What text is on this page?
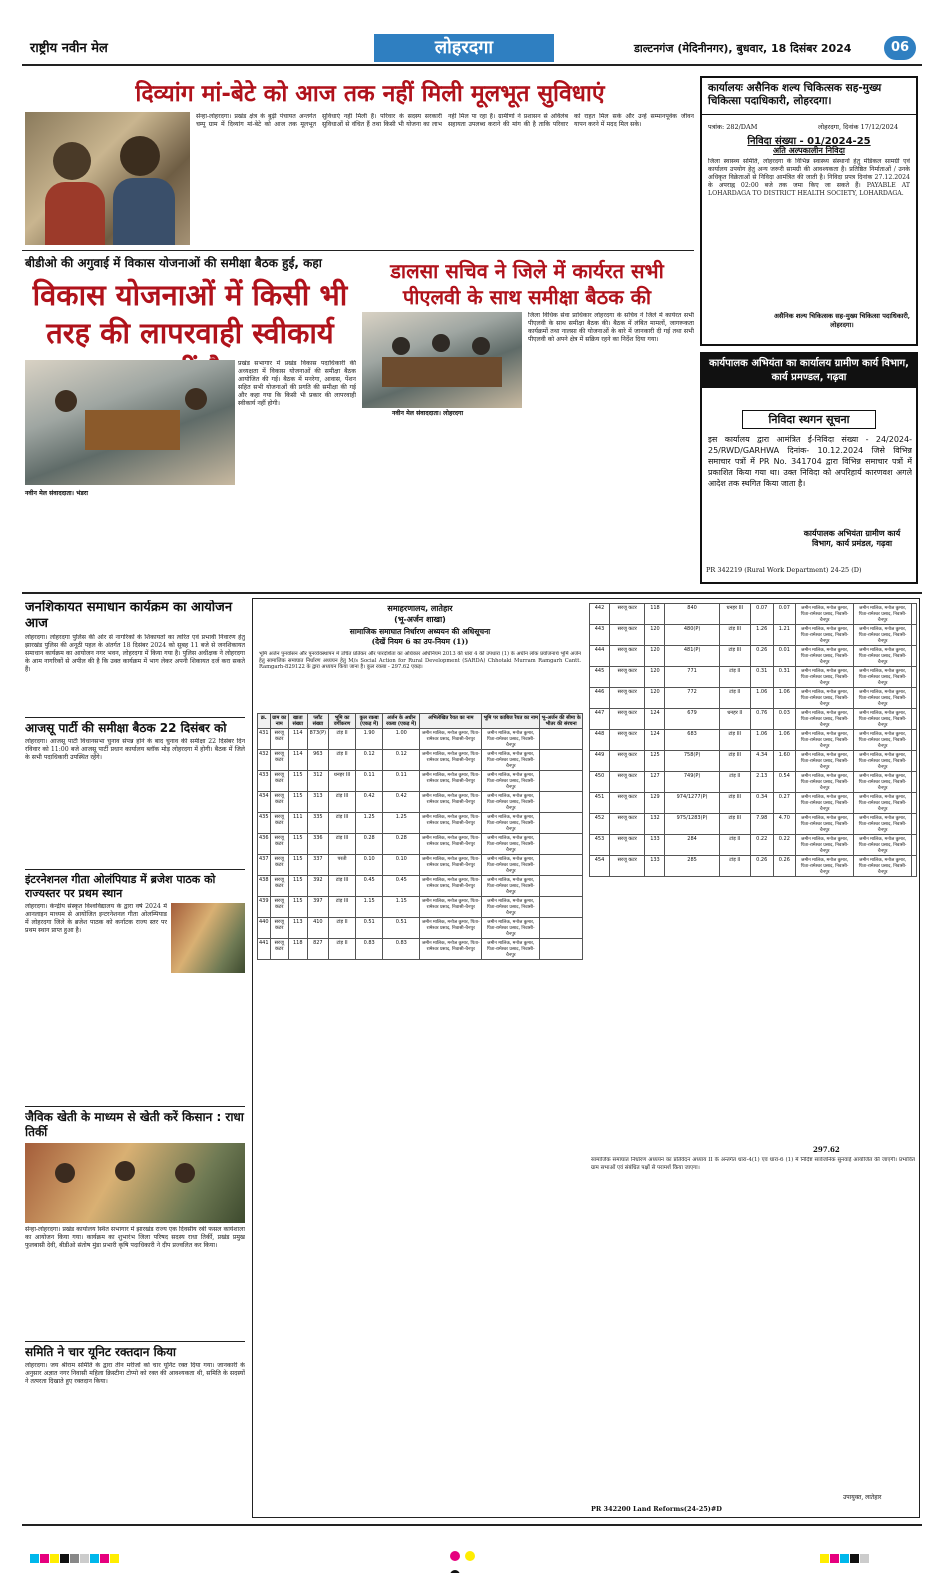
राष्ट्रीय नवीन मेल	लोहरदगा	डाल्टनगंज (मेदिनीनगर), बुधवार, 18 दिसंबर 2024	06
दिव्यांग मां-बेटे को आज तक नहीं मिली मूलभूत सुविधाएं
सेन्हा-लोहरदगा। प्रखंड क्षेत्र के बुढ़ी पंचायत अन्तर्गत चम्पू ग्राम में दिव्यांग मां-बेटे को आज तक मूलभूत सुविधाएं नहीं मिली हैं। परिवार के सदस्य सरकारी सुविधाओं से वंचित हैं तथा किसी भी योजना का लाभ नहीं मिल पा रहा है। ग्रामीणों ने प्रशासन से अविलंब सहायता उपलब्ध कराने की मांग की है ताकि परिवार को राहत मिल सके और उन्हें सम्मानपूर्वक जीवन यापन करने में मदद मिल सके।
कार्यालयः असैनिक शल्य चिकित्सक सह-मुख्य चिकित्सा पदाधिकारी, लोहरदगा।
पत्रांक: 282/DAM	लोहरदगा, दिनांक 17/12/2024
निविदा संख्या - 01/2024-25
अति अल्पकालीन निविदा
जिला स्वास्थ्य समिति, लोहरदगा के विभिन्न स्वास्थ्य संस्थानों हेतु मेडिकल सामग्री एवं कार्यालय उपयोग हेतु अन्य जरूरी सामग्री की आवश्यकता है। प्रतिष्ठित निर्माताओं / उनके अधिकृत विक्रेताओं से निविदा आमंत्रित की जाती है। निविदा प्रपत्र दिनांक 27.12.2024 के अपराह्न 02:00 बजे तक जमा किए जा सकते हैं। PAYABLE AT LOHARDAGA TO DISTRICT HEALTH SOCIETY, LOHARDAGA.
असैनिक शल्य चिकित्सक सह-मुख्य चिकित्सा पदाधिकारी, लोहरदगा।
बीडीओ की अगुवाई में विकास योजनाओं की समीक्षा बैठक हुई, कहा
विकास योजनाओं में किसी भी तरह की लापरवाही स्वीकार्य
नवीन मेल संवाददाता। भंडरा
प्रखंड सभागार में प्रखंड विकास पदाधिकारी की अध्यक्षता में विकास योजनाओं की समीक्षा बैठक आयोजित की गई। बैठक में मनरेगा, आवास, पेंशन सहित सभी योजनाओं की प्रगति की समीक्षा की गई और कहा गया कि किसी भी प्रकार की लापरवाही स्वीकार्य नहीं होगी।
डालसा सचिव ने जिले में कार्यरत सभी पीएलवी के साथ समीक्षा बैठक की
नवीन मेल संवाददाता। लोहरदगा
जिला विधिक सेवा प्राधिकार लोहरदगा के सचिव ने जिले में कार्यरत सभी पीएलवी के साथ समीक्षा बैठक की। बैठक में लंबित मामलों, जागरूकता कार्यक्रमों तथा नालसा की योजनाओं के बारे में जानकारी दी गई तथा सभी पीएलवी को अपने क्षेत्र में सक्रिय रहने का निर्देश दिया गया।
कार्यपालक अभियंता का कार्यालय ग्रामीण कार्य विभाग, कार्य प्रमण्डल, गढ़वा
निविदा स्थगन सूचना
इस कार्यालय द्वारा आमंत्रित ई-निविदा संख्या - 24/2024-25/RWD/GARHWA दिनांक- 10.12.2024 जिसे विभिन्न समाचार पत्रों में PR No. 341704 द्वारा विभिन्न समाचार पत्रों में प्रकाशित किया गया था। उक्त निविदा को अपरिहार्य कारणवश अगले आदेश तक स्थगित किया जाता है।
कार्यपालक अभियंता ग्रामीण कार्य विभाग, कार्य प्रमंडल, गढ़वा
PR 342219 (Rural Work Department) 24-25 (D)
जनशिकायत समाधान कार्यक्रम का आयोजन आज
लोहरदगा। लोहरदगा पुलिस की ओर से नागरिकों के शिकायतों का त्वरित एवं प्रभावी निवारण हेतु झारखंड पुलिस की अनूठी पहल के अंतर्गत 18 दिसंबर 2024 को सुबह 11 बजे से जनशिकायत समाधान कार्यक्रम का आयोजन नगर भवन, लोहरदगा में किया गया है। पुलिस अधीक्षक ने लोहरदगा के आम नागरिकों से अपील की है कि उक्त कार्यक्रम में भाग लेकर अपनी शिकायत दर्ज करा सकते हैं।
आजसू पार्टी की समीक्षा बैठक 22 दिसंबर को
लोहरदगा। आजसू पार्टी विधानसभा चुनाव संपन्न होने के बाद चुनाव की समीक्षा 22 दिसंबर दिन रविवार को 11:00 बजे आजसू पार्टी प्रधान कार्यालय ब्लॉक मोड़ लोहरदगा में होगी। बैठक में जिले के सभी पदाधिकारी उपस्थित रहेंगे।
इंटरनेशनल गीता ओलंपियाड में ब्रजेश पाठक को राज्यस्तर पर प्रथम स्थान
लोहरदगा। केन्द्रीय संस्कृत विश्वविद्यालय के द्वारा वर्ष 2024 में आनलाइन माध्यम से आयोजित इन्टरनेशनल गीता ओलम्पियाड में लोहरदगा जिले के ब्रजेश पाठक को कर्नाटक राज्य स्तर पर प्रथम स्थान प्राप्त हुआ है।
जैविक खेती के माध्यम से खेती करें किसान : राधा तिर्की
सेन्हा-लोहरदगा। प्रखंड कार्यालय स्थित सभागार में झारखंड राज्य एक दिवसीय रबी फसल कार्यशाला का आयोजन किया गया। कार्यक्रम का शुभारंभ जिला परिषद सदस्य राधा तिर्की, प्रखंड प्रमुख फुलबासी देवी, बीडीओ संतोष मुंडा प्रभारी कृषि पदाधिकारी ने दीप प्रज्वलित कर किया।
समिति ने चार यूनिट रक्तदान किया
लोहरदगा। जय श्रीराम समिति के द्वारा तीन मरीजों को चार यूनिट रक्त दिया गया। जानकारी के अनुसार अज्ञात नगर निवासी महिला क्रिस्टीना टोप्पो को रक्त की आवश्यकता थी, समिति के सदस्यों ने तत्परता दिखाते हुए रक्तदान किया।
समाहरणालय, लातेहार
(भू-अर्जन शाखा)
सामाजिक समाघात निर्धारण अध्ययन की अधिसूचना
(देखें नियम 6 का उप-नियम (1))
भूमि अर्जन पुनर्वासन और पुनर्व्यवस्थापन में उचित प्रतिकर और पारदर्शिता का अधिकार अधिनियम 2013 की धारा 4 की उपधारा (1) के अधीन लोक प्रयोजनार्थ भूमि अर्जन हेतु सामाजिक समाघात निर्धारण अध्ययन हेतु M/s Social Action for Rural Development (SARDA) Chhotaki Murram Ramgarh Cantt. Ramgarh-829122 के द्वारा अध्ययन किया जाना है। कुल रकबा - 297.62 एकड़।
क्र.	ग्राम का नाम	खाता संख्या	प्लॉट संख्या	भूमि का वर्गीकरण	कुल रकबा (एकड़ में)	अर्जन के अधीन रकबा (एकड़ में)	अभिलेखित रैयत का नाम	भूमि पर काबिज रैयत का नाम	भू-अर्जन की सीमा के भीतर की संरचना
431	सरजू कटर	114	873(P)	टांड़ II	1.90	1.00	जमीन मालिक, मनोज कुमार, पिता-रामेश्वर प्रसाद, निवासी-चैनपुर	जमीन मालिक, मनोज कुमार, पिता-रामेश्वर प्रसाद, निवासी-चैनपुर	
432	सरजू कटर	114	963	टांड़ II	0.12	0.12	जमीन मालिक, मनोज कुमार, पिता-रामेश्वर प्रसाद, निवासी-चैनपुर	जमीन मालिक, मनोज कुमार, पिता-रामेश्वर प्रसाद, निवासी-चैनपुर	
433	सरजू कटर	115	312	धनहर III	0.11	0.11	जमीन मालिक, मनोज कुमार, पिता-रामेश्वर प्रसाद, निवासी-चैनपुर	जमीन मालिक, मनोज कुमार, पिता-रामेश्वर प्रसाद, निवासी-चैनपुर	
434	सरजू कटर	115	313	टांड़ III	0.42	0.42	जमीन मालिक, मनोज कुमार, पिता-रामेश्वर प्रसाद, निवासी-चैनपुर	जमीन मालिक, मनोज कुमार, पिता-रामेश्वर प्रसाद, निवासी-चैनपुर	
435	सरजू कटर	111	335	टांड़ III	1.25	1.25	जमीन मालिक, मनोज कुमार, पिता-रामेश्वर प्रसाद, निवासी-चैनपुर	जमीन मालिक, मनोज कुमार, पिता-रामेश्वर प्रसाद, निवासी-चैनपुर	
436	सरजू कटर	115	336	टांड़ III	0.28	0.28	जमीन मालिक, मनोज कुमार, पिता-रामेश्वर प्रसाद, निवासी-चैनपुर	जमीन मालिक, मनोज कुमार, पिता-रामेश्वर प्रसाद, निवासी-चैनपुर	
437	सरजू कटर	115	337	परती	0.10	0.10	जमीन मालिक, मनोज कुमार, पिता-रामेश्वर प्रसाद, निवासी-चैनपुर	जमीन मालिक, मनोज कुमार, पिता-रामेश्वर प्रसाद, निवासी-चैनपुर	
438	सरजू कटर	115	392	टांड़ III	0.45	0.45	जमीन मालिक, मनोज कुमार, पिता-रामेश्वर प्रसाद, निवासी-चैनपुर	जमीन मालिक, मनोज कुमार, पिता-रामेश्वर प्रसाद, निवासी-चैनपुर	
439	सरजू कटर	115	397	टांड़ III	1.15	1.15	जमीन मालिक, मनोज कुमार, पिता-रामेश्वर प्रसाद, निवासी-चैनपुर	जमीन मालिक, मनोज कुमार, पिता-रामेश्वर प्रसाद, निवासी-चैनपुर	
440	सरजू कटर	113	410	टांड़ II	0.51	0.51	जमीन मालिक, मनोज कुमार, पिता-रामेश्वर प्रसाद, निवासी-चैनपुर	जमीन मालिक, मनोज कुमार, पिता-रामेश्वर प्रसाद, निवासी-चैनपुर	
441	सरजू कटर	118	827	टांड़ II	0.83	0.83	जमीन मालिक, मनोज कुमार, पिता-रामेश्वर प्रसाद, निवासी-चैनपुर	जमीन मालिक, मनोज कुमार, पिता-रामेश्वर प्रसाद, निवासी-चैनपुर	
442	सरजू कटर	118	840	धनहर III	0.07	0.07	जमीन मालिक, मनोज कुमार, पिता-रामेश्वर प्रसाद, निवासी-चैनपुर	जमीन मालिक, मनोज कुमार, पिता-रामेश्वर प्रसाद, निवासी-चैनपुर	
443	सरजू कटर	120	480(P)	टांड़ III	1.26	1.21	जमीन मालिक, मनोज कुमार, पिता-रामेश्वर प्रसाद, निवासी-चैनपुर	जमीन मालिक, मनोज कुमार, पिता-रामेश्वर प्रसाद, निवासी-चैनपुर	
444	सरजू कटर	120	481(P)	टांड़ III	0.26	0.01	जमीन मालिक, मनोज कुमार, पिता-रामेश्वर प्रसाद, निवासी-चैनपुर	जमीन मालिक, मनोज कुमार, पिता-रामेश्वर प्रसाद, निवासी-चैनपुर	
445	सरजू कटर	120	771	टांड़ II	0.31	0.31	जमीन मालिक, मनोज कुमार, पिता-रामेश्वर प्रसाद, निवासी-चैनपुर	जमीन मालिक, मनोज कुमार, पिता-रामेश्वर प्रसाद, निवासी-चैनपुर	
446	सरजू कटर	120	772	टांड़ II	1.06	1.06	जमीन मालिक, मनोज कुमार, पिता-रामेश्वर प्रसाद, निवासी-चैनपुर	जमीन मालिक, मनोज कुमार, पिता-रामेश्वर प्रसाद, निवासी-चैनपुर	
447	सरजू कटर	124	679	धनहर II	0.76	0.03	जमीन मालिक, मनोज कुमार, पिता-रामेश्वर प्रसाद, निवासी-चैनपुर	जमीन मालिक, मनोज कुमार, पिता-रामेश्वर प्रसाद, निवासी-चैनपुर	
448	सरजू कटर	124	683	टांड़ III	1.06	1.06	जमीन मालिक, मनोज कुमार, पिता-रामेश्वर प्रसाद, निवासी-चैनपुर	जमीन मालिक, मनोज कुमार, पिता-रामेश्वर प्रसाद, निवासी-चैनपुर	
449	सरजू कटर	125	758(P)	टांड़ III	4.34	1.60	जमीन मालिक, मनोज कुमार, पिता-रामेश्वर प्रसाद, निवासी-चैनपुर	जमीन मालिक, मनोज कुमार, पिता-रामेश्वर प्रसाद, निवासी-चैनपुर	
450	सरजू कटर	127	749(P)	टांड़ II	2.13	0.54	जमीन मालिक, मनोज कुमार, पिता-रामेश्वर प्रसाद, निवासी-चैनपुर	जमीन मालिक, मनोज कुमार, पिता-रामेश्वर प्रसाद, निवासी-चैनपुर	
451	सरजू कटर	129	974/1277(P)	टांड़ III	0.34	0.27	जमीन मालिक, मनोज कुमार, पिता-रामेश्वर प्रसाद, निवासी-चैनपुर	जमीन मालिक, मनोज कुमार, पिता-रामेश्वर प्रसाद, निवासी-चैनपुर	
452	सरजू कटर	132	975/1283(P)	टांड़ III	7.98	4.70	जमीन मालिक, मनोज कुमार, पिता-रामेश्वर प्रसाद, निवासी-चैनपुर	जमीन मालिक, मनोज कुमार, पिता-रामेश्वर प्रसाद, निवासी-चैनपुर	
453	सरजू कटर	133	284	टांड़ II	0.22	0.22	जमीन मालिक, मनोज कुमार, पिता-रामेश्वर प्रसाद, निवासी-चैनपुर	जमीन मालिक, मनोज कुमार, पिता-रामेश्वर प्रसाद, निवासी-चैनपुर	
454	सरजू कटर	133	285	टांड़ II	0.26	0.26	जमीन मालिक, मनोज कुमार, पिता-रामेश्वर प्रसाद, निवासी-चैनपुर	जमीन मालिक, मनोज कुमार, पिता-रामेश्वर प्रसाद, निवासी-चैनपुर	
297.62
सामाजिक समाघात निर्धारण अध्ययन का प्रतिवेदन अध्याय II के अन्तर्गत धारा-4(1) एवं धारा-6 (1) में निर्दिष्ट सार्वजनिक सुनवाई आयोजित की जाएगी। प्रभावित ग्राम सभाओं एवं संबंधित पक्षों से परामर्श किया जाएगा।
उपायुक्त, लातेहार
PR 342200 Land Reforms(24-25)#D
